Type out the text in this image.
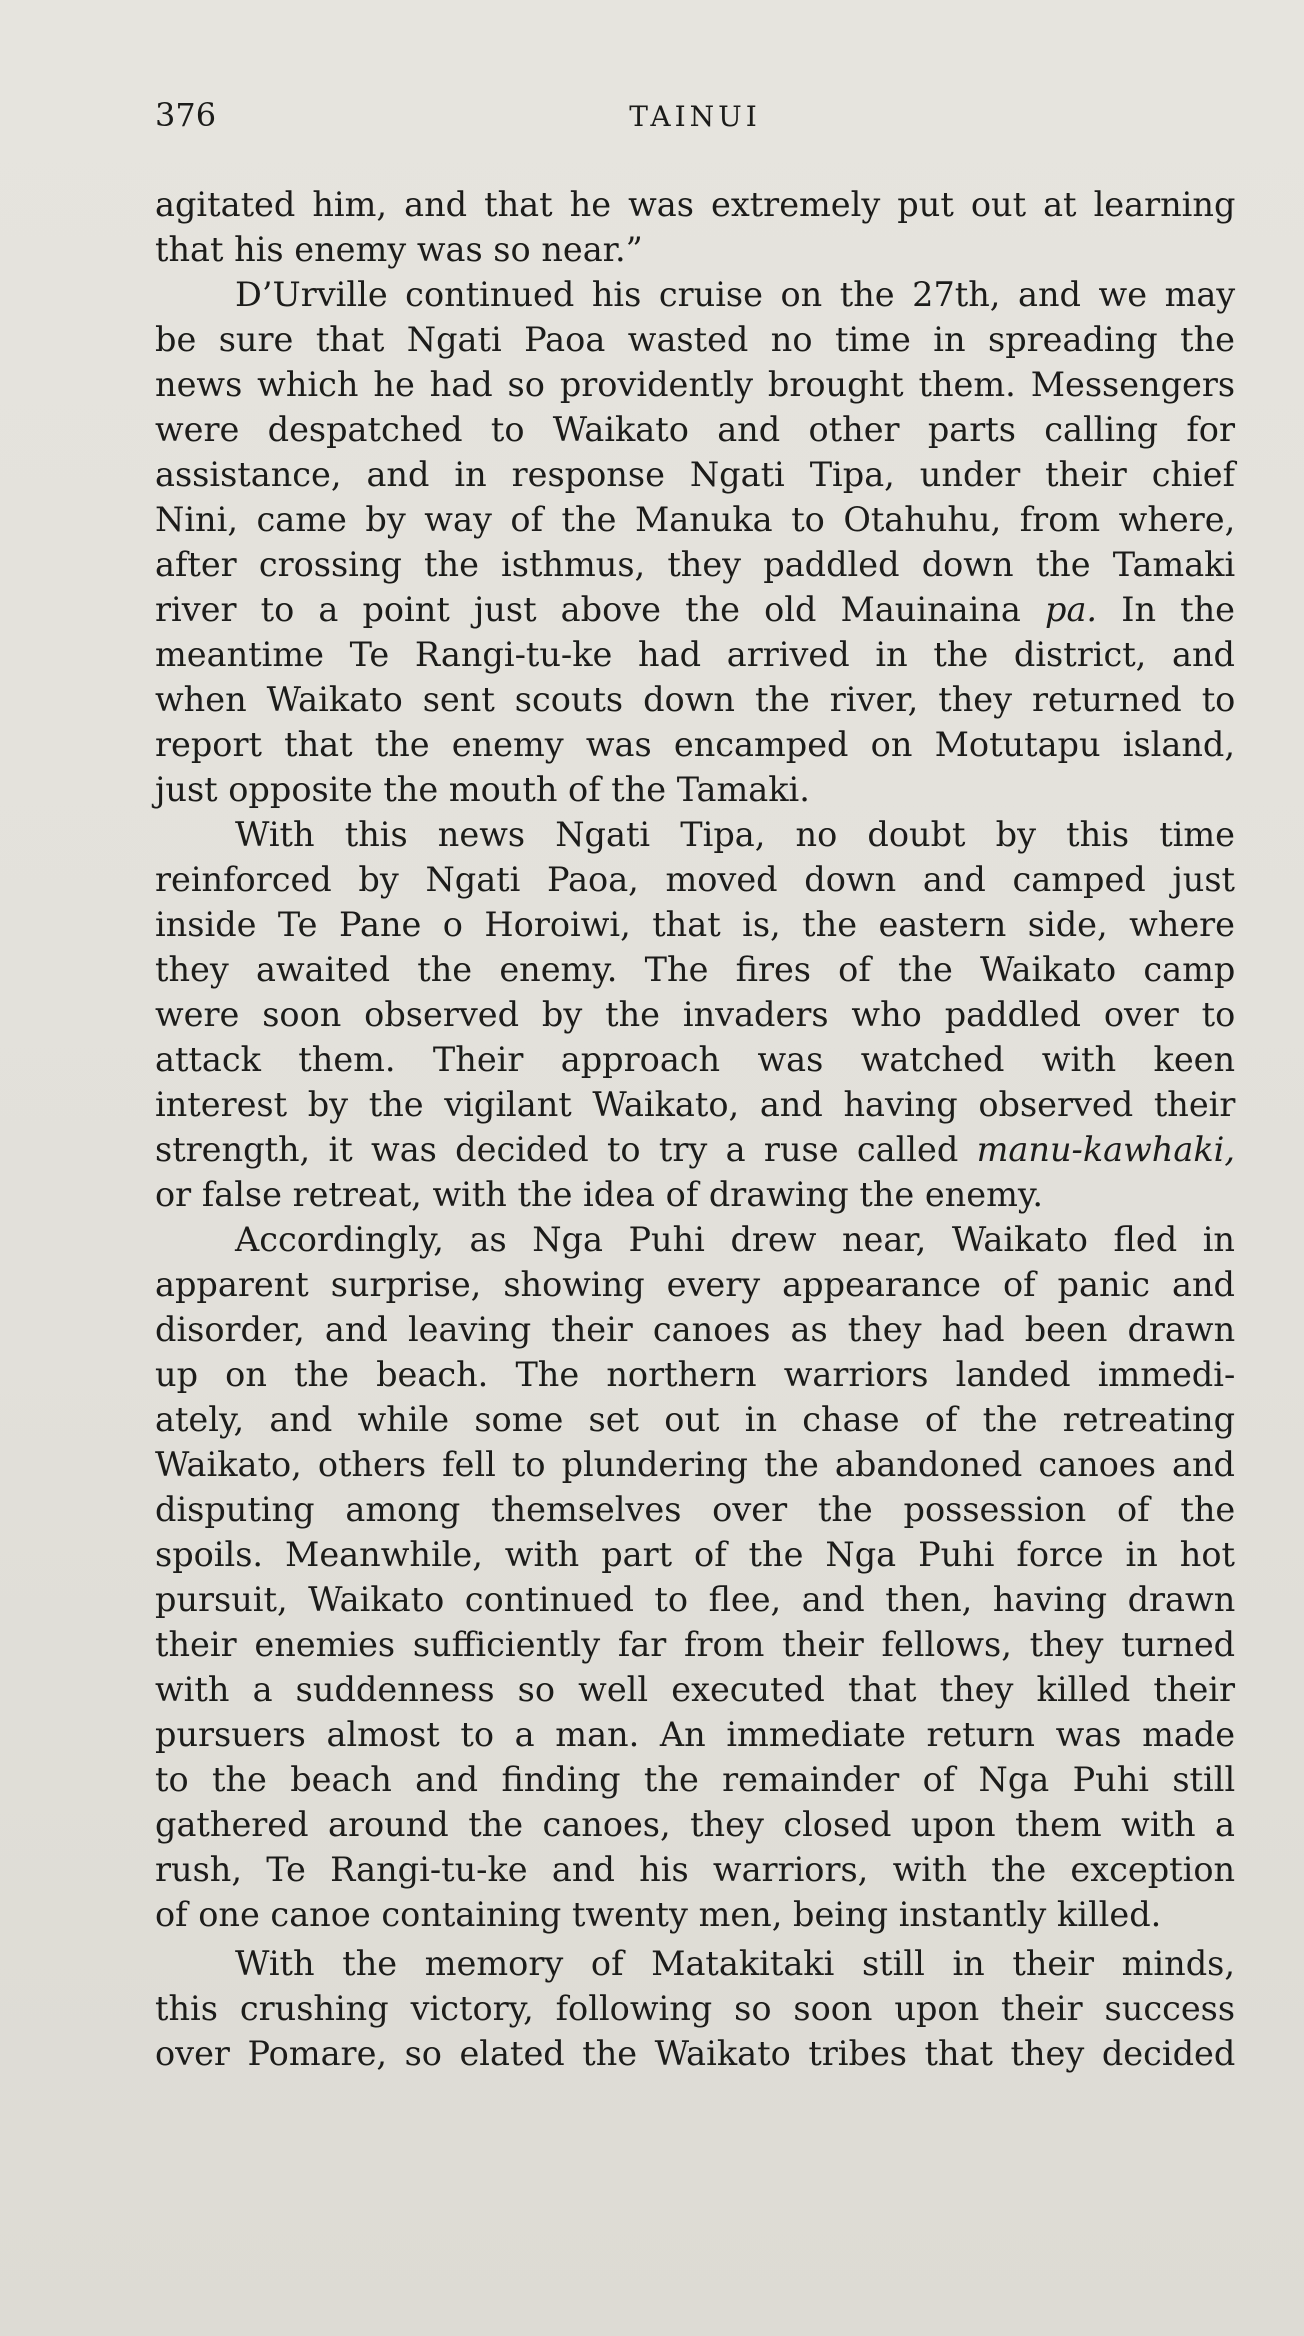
376	TAINUI
agitated him, and that he was extremely put out at learning
that his enemy was so near.”
D’Urville continued his cruise on the 27th, and we may
be sure that Ngati Paoa wasted no time in spreading the
news which he had so providently brought them. Messengers
were despatched to Waikato and other parts calling for
assistance, and in response Ngati Tipa, under their chief
Nini, came by way of the Manuka to Otahuhu, from where,
after crossing the isthmus, they paddled down the Tamaki
river to a point just above the old Mauinaina pa. In the
meantime Te Rangi-tu-ke had arrived in the district, and
when Waikato sent scouts down the river, they returned to
report that the enemy was encamped on Motutapu island,
just opposite the mouth of the Tamaki.
With this news Ngati Tipa, no doubt by this time
reinforced by Ngati Paoa, moved down and camped just
inside Te Pane o Horoiwi, that is, the eastern side, where
they awaited the enemy. The fires of the Waikato camp
were soon observed by the invaders who paddled over to
attack them. Their approach was watched with keen
interest by the vigilant Waikato, and having observed their
strength, it was decided to try a ruse called manu-kawhaki,
or false retreat, with the idea of drawing the enemy.
Accordingly, as Nga Puhi drew near, Waikato fled in
apparent surprise, showing every appearance of panic and
disorder, and leaving their canoes as they had been drawn
up on the beach. The northern warriors landed immedi-
ately, and while some set out in chase of the retreating
Waikato, others fell to plundering the abandoned canoes and
disputing among themselves over the possession of the
spoils. Meanwhile, with part of the Nga Puhi force in hot
pursuit, Waikato continued to flee, and then, having drawn
their enemies sufficiently far from their fellows, they turned
with a suddenness so well executed that they killed their
pursuers almost to a man. An immediate return was made
to the beach and finding the remainder of Nga Puhi still
gathered around the canoes, they closed upon them with a
rush, Te Rangi-tu-ke and his warriors, with the exception
of one canoe containing twenty men, being instantly killed.
With the memory of Matakitaki still in their minds,
this crushing victory, following so soon upon their success
over Pomare, so elated the Waikato tribes that they decided
